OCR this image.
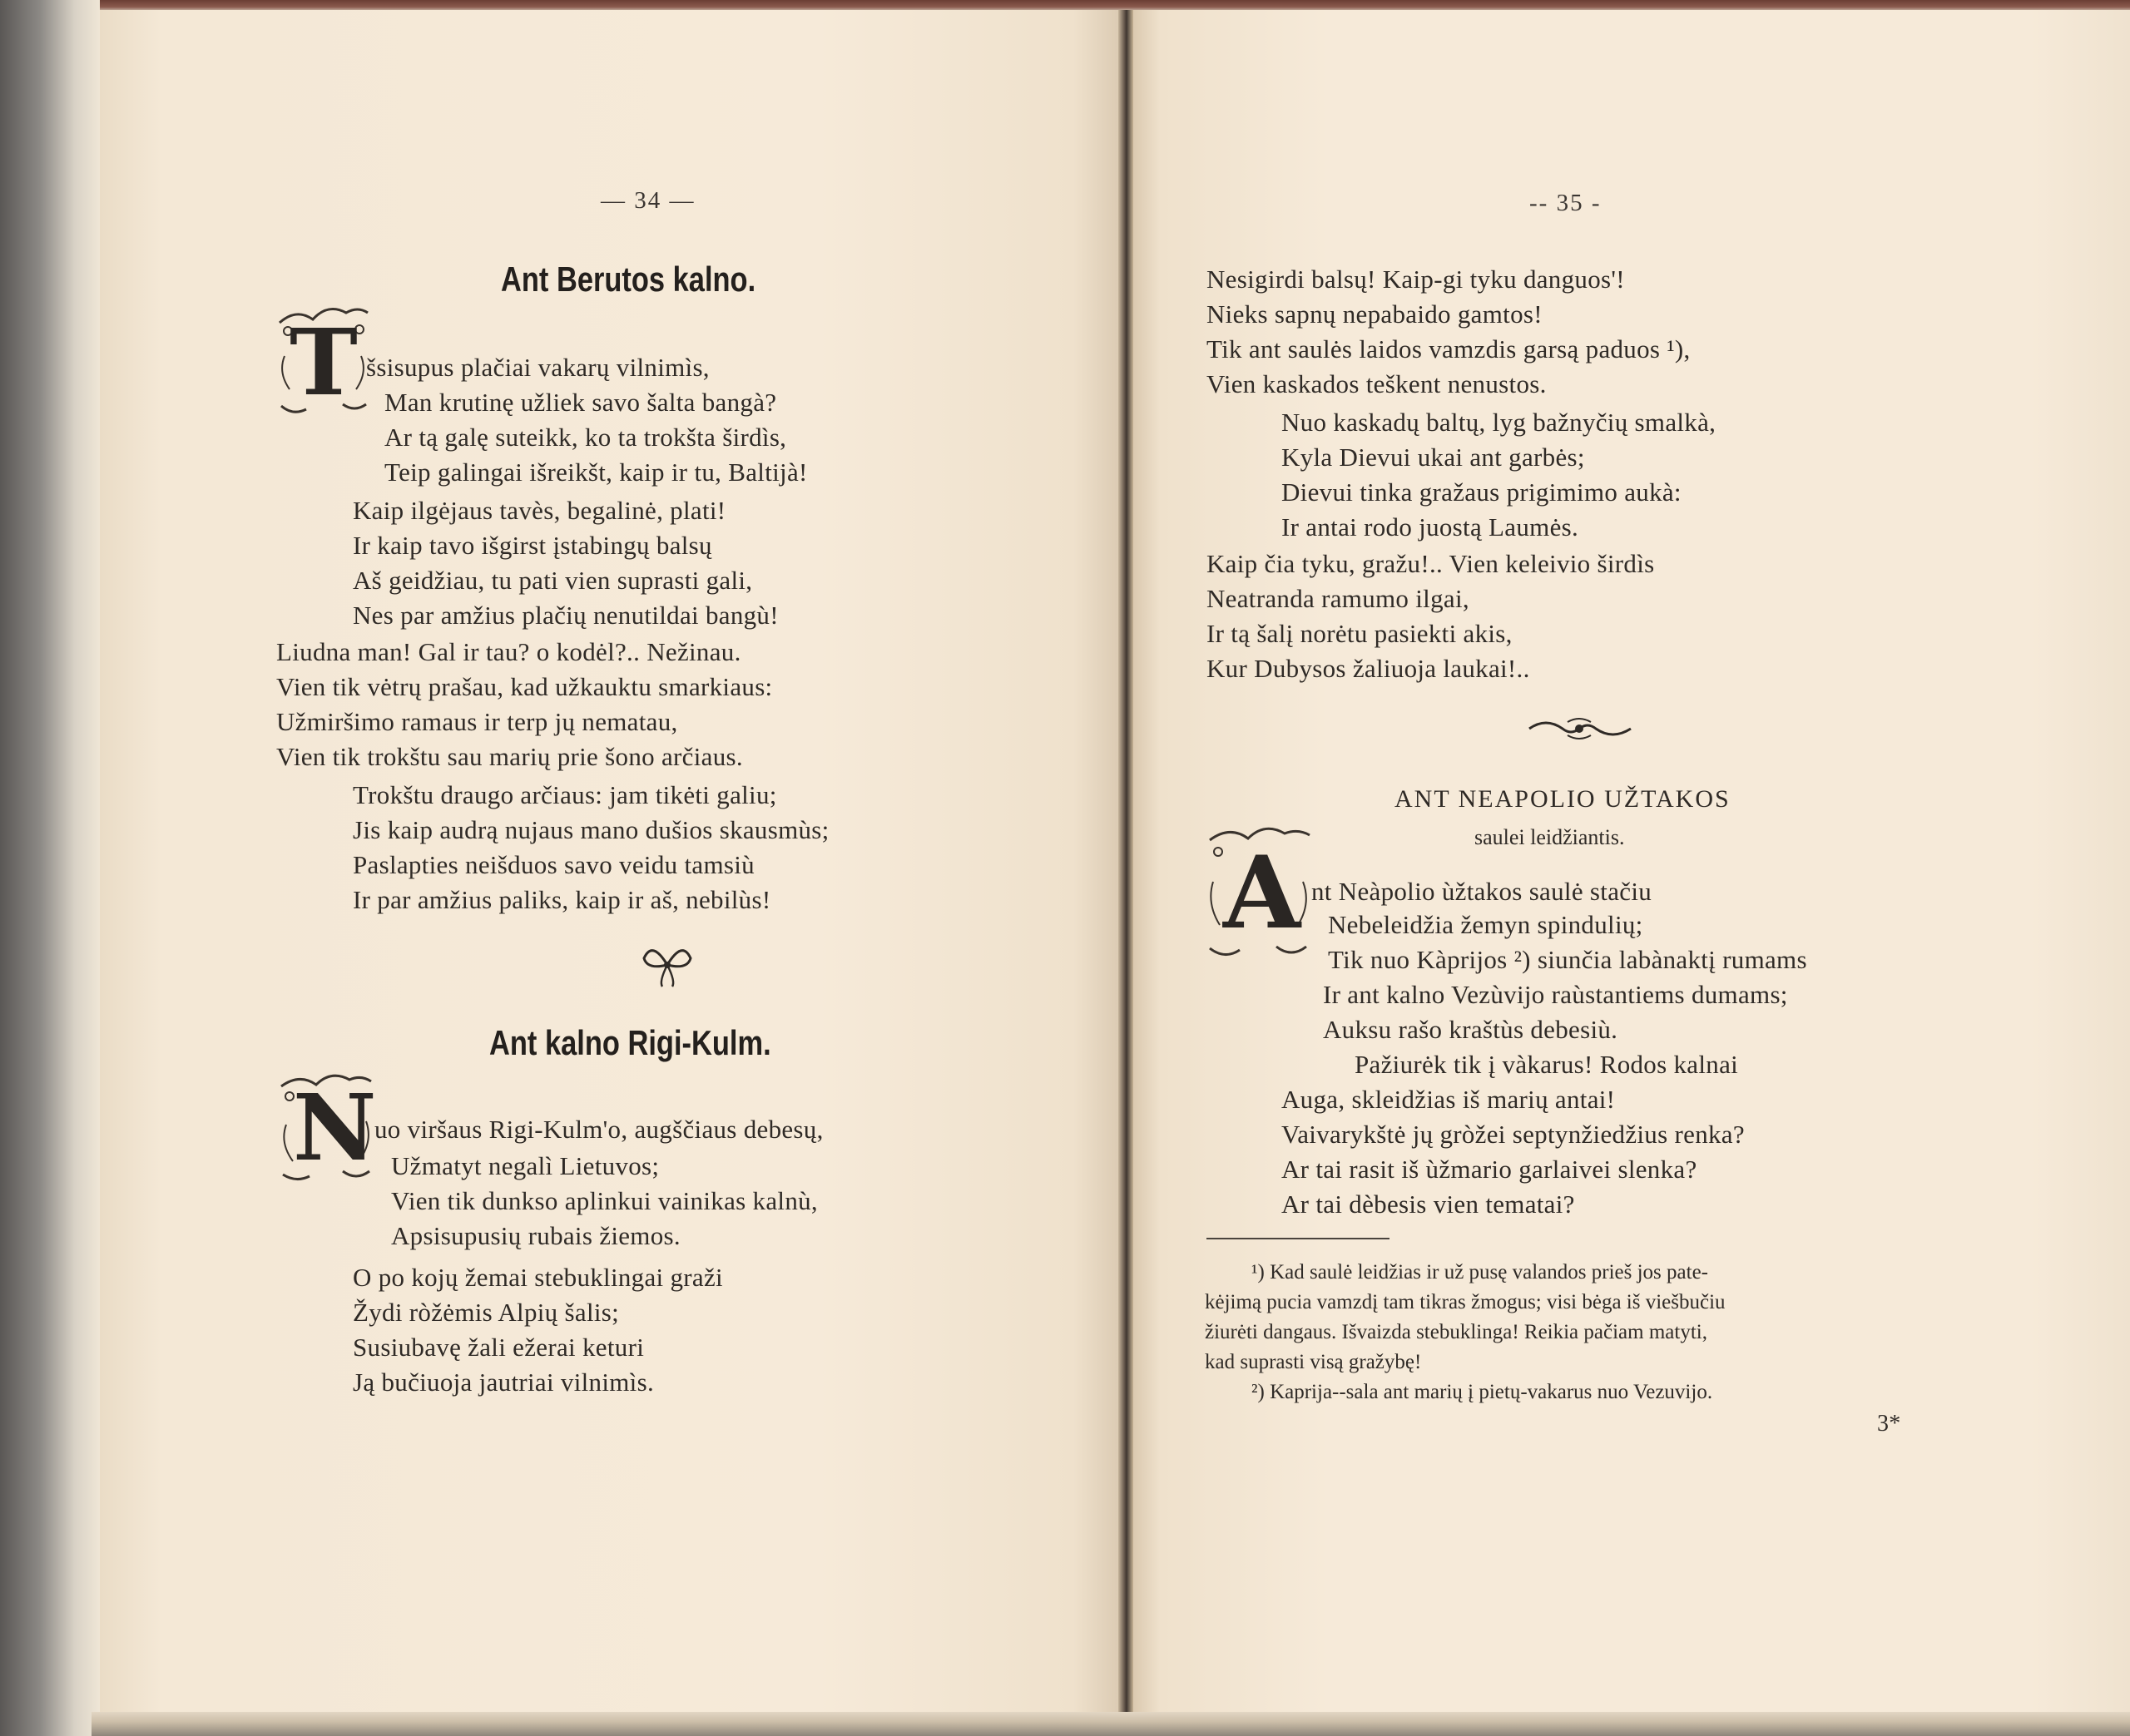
— 34 —
Ant Berutos kalno.
T šsisupus plačiai vakarų vilnimìs,
Man krutinę užliek savo šalta bangà?
Ar tą galę suteikk, ko ta trokšta širdìs,
Teip galingai išreikšt, kaip ir tu, Baltijà!
Kaip ilgėjaus tavès, begalinė, plati!
Ir kaip tavo išgirst įstabingų balsų
Aš geidžiau, tu pati vien suprasti gali,
Nes par amžius plačių nenutildai bangù!
Liudna man! Gal ir tau? o kodėl?.. Nežinau.
Vien tik vėtrų prašau, kad užkauktu smarkiaus:
Užmiršimo ramaus ir terp jų nematau,
Vien tik trokštu sau marių prie šono arčiaus.
Trokštu draugo arčiaus: jam tikėti galiu;
Jis kaip audrą nujaus mano dušios skausmùs;
Paslapties neišduos savo veidu tamsiù
Ir par amžius paliks, kaip ir aš, nebilùs!
Ant kalno Rigi-Kulm.
N
uo viršaus Rigi-Kulm'o, augščiaus debesų,
Užmatyt negalì Lietuvos;
Vien tik dunkso aplinkui vainikas kalnù,
Apsisupusių rubais žiemos.
O po kojų žemai stebuklingai graži
Žydi ròžėmis Alpių šalis;
Susiubavę žali ežerai keturi
Ją bučiuoja jautriai vilnimìs.
-- 35 -
Nesigirdi balsų! Kaip-gi tyku danguos'!
Nieks sapnų nepabaido gamtos!
Tik ant saulės laidos vamzdis garsą paduos ¹),
Vien kaskados teškent nenustos.
Nuo kaskadų baltų, lyg bažnyčių smalkà,
Kyla Dievui ukai ant garbės;
Dievui tinka gražaus prigimimo aukà:
Ir antai rodo juostą Laumės.
Kaip čia tyku, gražu!.. Vien keleivio širdìs
Neatranda ramumo ilgai,
Ir tą šalį norėtu pasiekti akis,
Kur Dubysos žaliuoja laukai!..
ANT NEAPOLIO UŽTAKOS
saulei leidžiantis.
A nt Neàpolio ùžtakos saulė stačiu
Nebeleidžia žemyn spindulių;
Tik nuo Kàprijos ²) siunčia labànaktį rumams
Ir ant kalno Vezùvijo raùstantiems dumams;
Auksu rašo kraštùs debesiù.
Pažiurėk tik į vàkarus! Rodos kalnai
Auga, skleidžias iš marių antai!
Vaivarykštė jų gròžei septynžiedžius renka?
Ar tai rasit iš ùžmario garlaivei slenka?
Ar tai dèbesis vien tematai?
¹) Kad saulė leidžias ir už pusę valandos prieš jos pate-
kėjimą pucia vamzdį tam tikras žmogus; visi bėga iš viešbučiu
žiurėti dangaus. Išvaizda stebuklinga! Reikia pačiam matyti,
kad suprasti visą gražybę!
²) Kaprija--sala ant marių į pietų-vakarus nuo Vezuvijo.
3*
